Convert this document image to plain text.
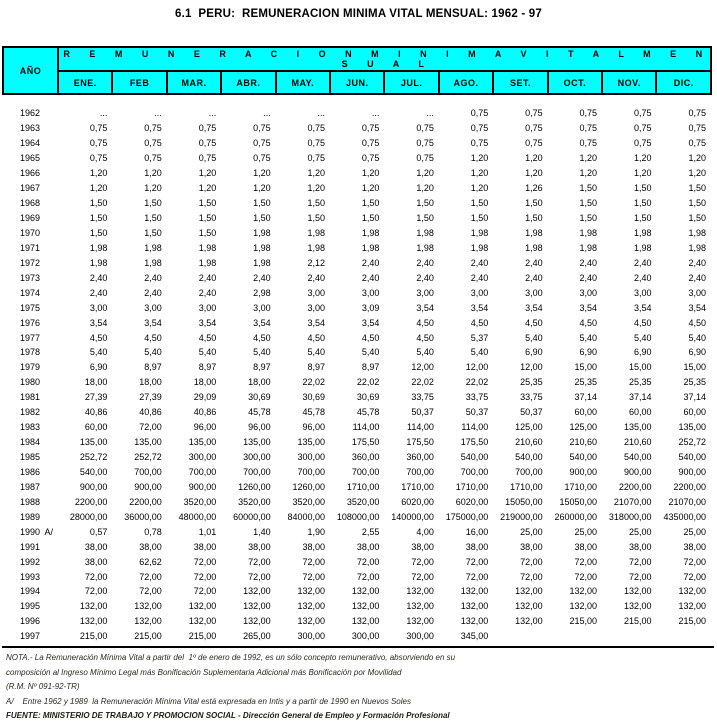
6.1  PERU:  REMUNERACION MINIMA VITAL MENSUAL: 1962 - 97
AÑO	R E M U N E R A C I O N M I N I M A V I T A L M E N S U A L											
	ENE.	FEB	MAR.	ABR.	MAY.	JUN.	JUL.	AGO.	SET.	OCT.	NOV.	DIC.
1962	...	...	...	...	...	...	...	0,75	0,75	0,75	0,75	0,75
1963	0,75	0,75	0,75	0,75	0,75	0,75	0,75	0,75	0,75	0,75	0,75	0,75
1964	0,75	0,75	0,75	0,75	0,75	0,75	0,75	0,75	0,75	0,75	0,75	0,75
1965	0,75	0,75	0,75	0,75	0,75	0,75	0,75	1,20	1,20	1,20	1,20	1,20
1966	1,20	1,20	1,20	1,20	1,20	1,20	1,20	1,20	1,20	1,20	1,20	1,20
1967	1,20	1,20	1,20	1,20	1,20	1,20	1,20	1,20	1,26	1,50	1,50	1,50
1968	1,50	1,50	1,50	1,50	1,50	1,50	1,50	1,50	1,50	1,50	1,50	1,50
1969	1,50	1,50	1,50	1,50	1,50	1,50	1,50	1,50	1,50	1,50	1,50	1,50
1970	1,50	1,50	1,50	1,98	1,98	1,98	1,98	1,98	1,98	1,98	1,98	1,98
1971	1,98	1,98	1,98	1,98	1,98	1,98	1,98	1,98	1,98	1,98	1,98	1,98
1972	1,98	1,98	1,98	1,98	2,12	2,40	2,40	2,40	2,40	2,40	2,40	2,40
1973	2,40	2,40	2,40	2,40	2,40	2,40	2,40	2,40	2,40	2,40	2,40	2,40
1974	2,40	2,40	2,40	2,98	3,00	3,00	3,00	3,00	3,00	3,00	3,00	3,00
1975	3,00	3,00	3,00	3,00	3,00	3,09	3,54	3,54	3,54	3,54	3,54	3,54
1976	3,54	3,54	3,54	3,54	3,54	3,54	4,50	4,50	4,50	4,50	4,50	4,50
1977	4,50	4,50	4,50	4,50	4,50	4,50	4,50	5,37	5,40	5,40	5,40	5,40
1978	5,40	5,40	5,40	5,40	5,40	5,40	5,40	5,40	6,90	6,90	6,90	6,90
1979	6,90	8,97	8,97	8,97	8,97	8,97	12,00	12,00	12,00	15,00	15,00	15,00
1980	18,00	18,00	18,00	18,00	22,02	22,02	22,02	22,02	25,35	25,35	25,35	25,35
1981	27,39	27,39	29,09	30,69	30,69	30,69	33,75	33,75	33,75	37,14	37,14	37,14
1982	40,86	40,86	40,86	45,78	45,78	45,78	50,37	50,37	50,37	60,00	60,00	60,00
1983	60,00	72,00	96,00	96,00	96,00	114,00	114,00	114,00	125,00	125,00	135,00	135,00
1984	135,00	135,00	135,00	135,00	135,00	175,50	175,50	175,50	210,60	210,60	210,60	252,72
1985	252,72	252,72	300,00	300,00	300,00	360,00	360,00	540,00	540,00	540,00	540,00	540,00
1986	540,00	700,00	700,00	700,00	700,00	700,00	700,00	700,00	700,00	900,00	900,00	900,00
1987	900,00	900,00	900,00	1260,00	1260,00	1710,00	1710,00	1710,00	1710,00	1710,00	2200,00	2200,00
1988	2200,00	2200,00	3520,00	3520,00	3520,00	3520,00	6020,00	6020,00	15050,00	15050,00	21070,00	21070,00
1989	28000,00	36000,00	48000,00	60000,00	84000,00	108000,00	140000,00	175000,00	219000,00	260000,00	318000,00	435000,00
1990  A/	0,57	0,78	1,01	1,40	1,90	2,55	4,00	16,00	25,00	25,00	25,00	25,00
1991	38,00	38,00	38,00	38,00	38,00	38,00	38,00	38,00	38,00	38,00	38,00	38,00
1992	38,00	62,62	72,00	72,00	72,00	72,00	72,00	72,00	72,00	72,00	72,00	72,00
1993	72,00	72,00	72,00	72,00	72,00	72,00	72,00	72,00	72,00	72,00	72,00	72,00
1994	72,00	72,00	72,00	132,00	132,00	132,00	132,00	132,00	132,00	132,00	132,00	132,00
1995	132,00	132,00	132,00	132,00	132,00	132,00	132,00	132,00	132,00	132,00	132,00	132,00
1996	132,00	132,00	132,00	132,00	132,00	132,00	132,00	132,00	132,00	215,00	215,00	215,00
1997	215,00	215,00	215,00	265,00	300,00	300,00	300,00	345,00				
NOTA.- La Remuneración Mínima Vital a partir del  1º de enero de 1992, es un sólo concepto remunerativo, absorviendo en su
composición al Ingreso Mínimo Legal más Bonificación Suplementaria Adicional más Bonificación por Movilidad
(R.M. Nº 091-92-TR)
A/    Entre 1962 y 1989  la Remuneración Mínima Vital está expresada en Intis y a partir de 1990 en Nuevos Soles
FUENTE: MINISTERIO DE TRABAJO Y PROMOCION SOCIAL - Dirección General de Empleo y Formación Profesional
